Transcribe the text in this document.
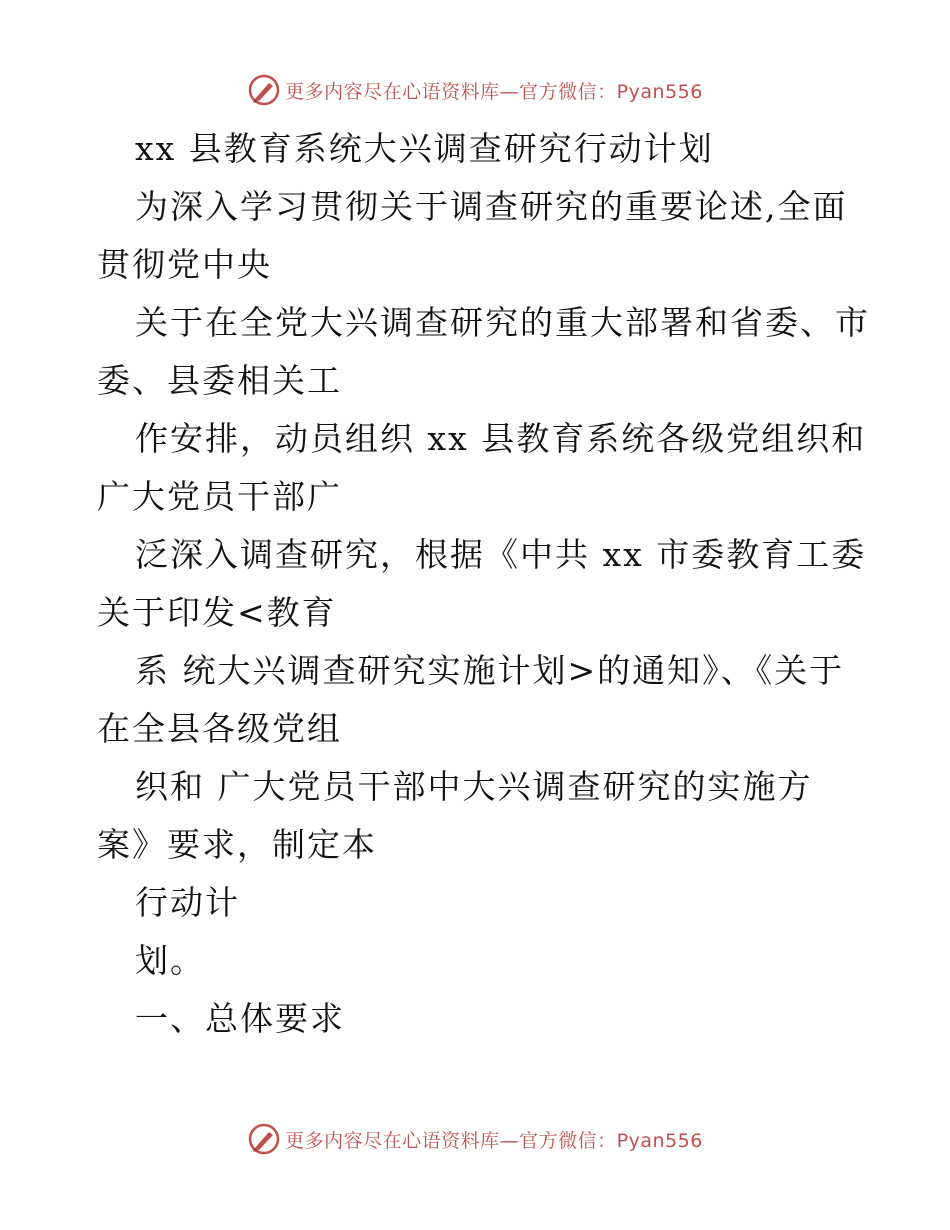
更多内容尽在心语资料库—官方微信：Pyan556
xx 县教育系统大兴调查研究行动计划
为深入学习贯彻关于调查研究的重要论述,全面
贯彻党中央
关于在全党大兴调查研究的重大部署和省委、市
委、县委相关工
作安排，动员组织 xx 县教育系统各级党组织和
广大党员干部广
泛深入调查研究，根据《中共 xx 市委教育工委
关于印发<教育
系 统大兴调查研究实施计划>的通知》、《关于
在全县各级党组
织和 广大党员干部中大兴调查研究的实施方
案》要求，制定本
行动计
划。
一、总体要求
更多内容尽在心语资料库—官方微信：Pyan556
